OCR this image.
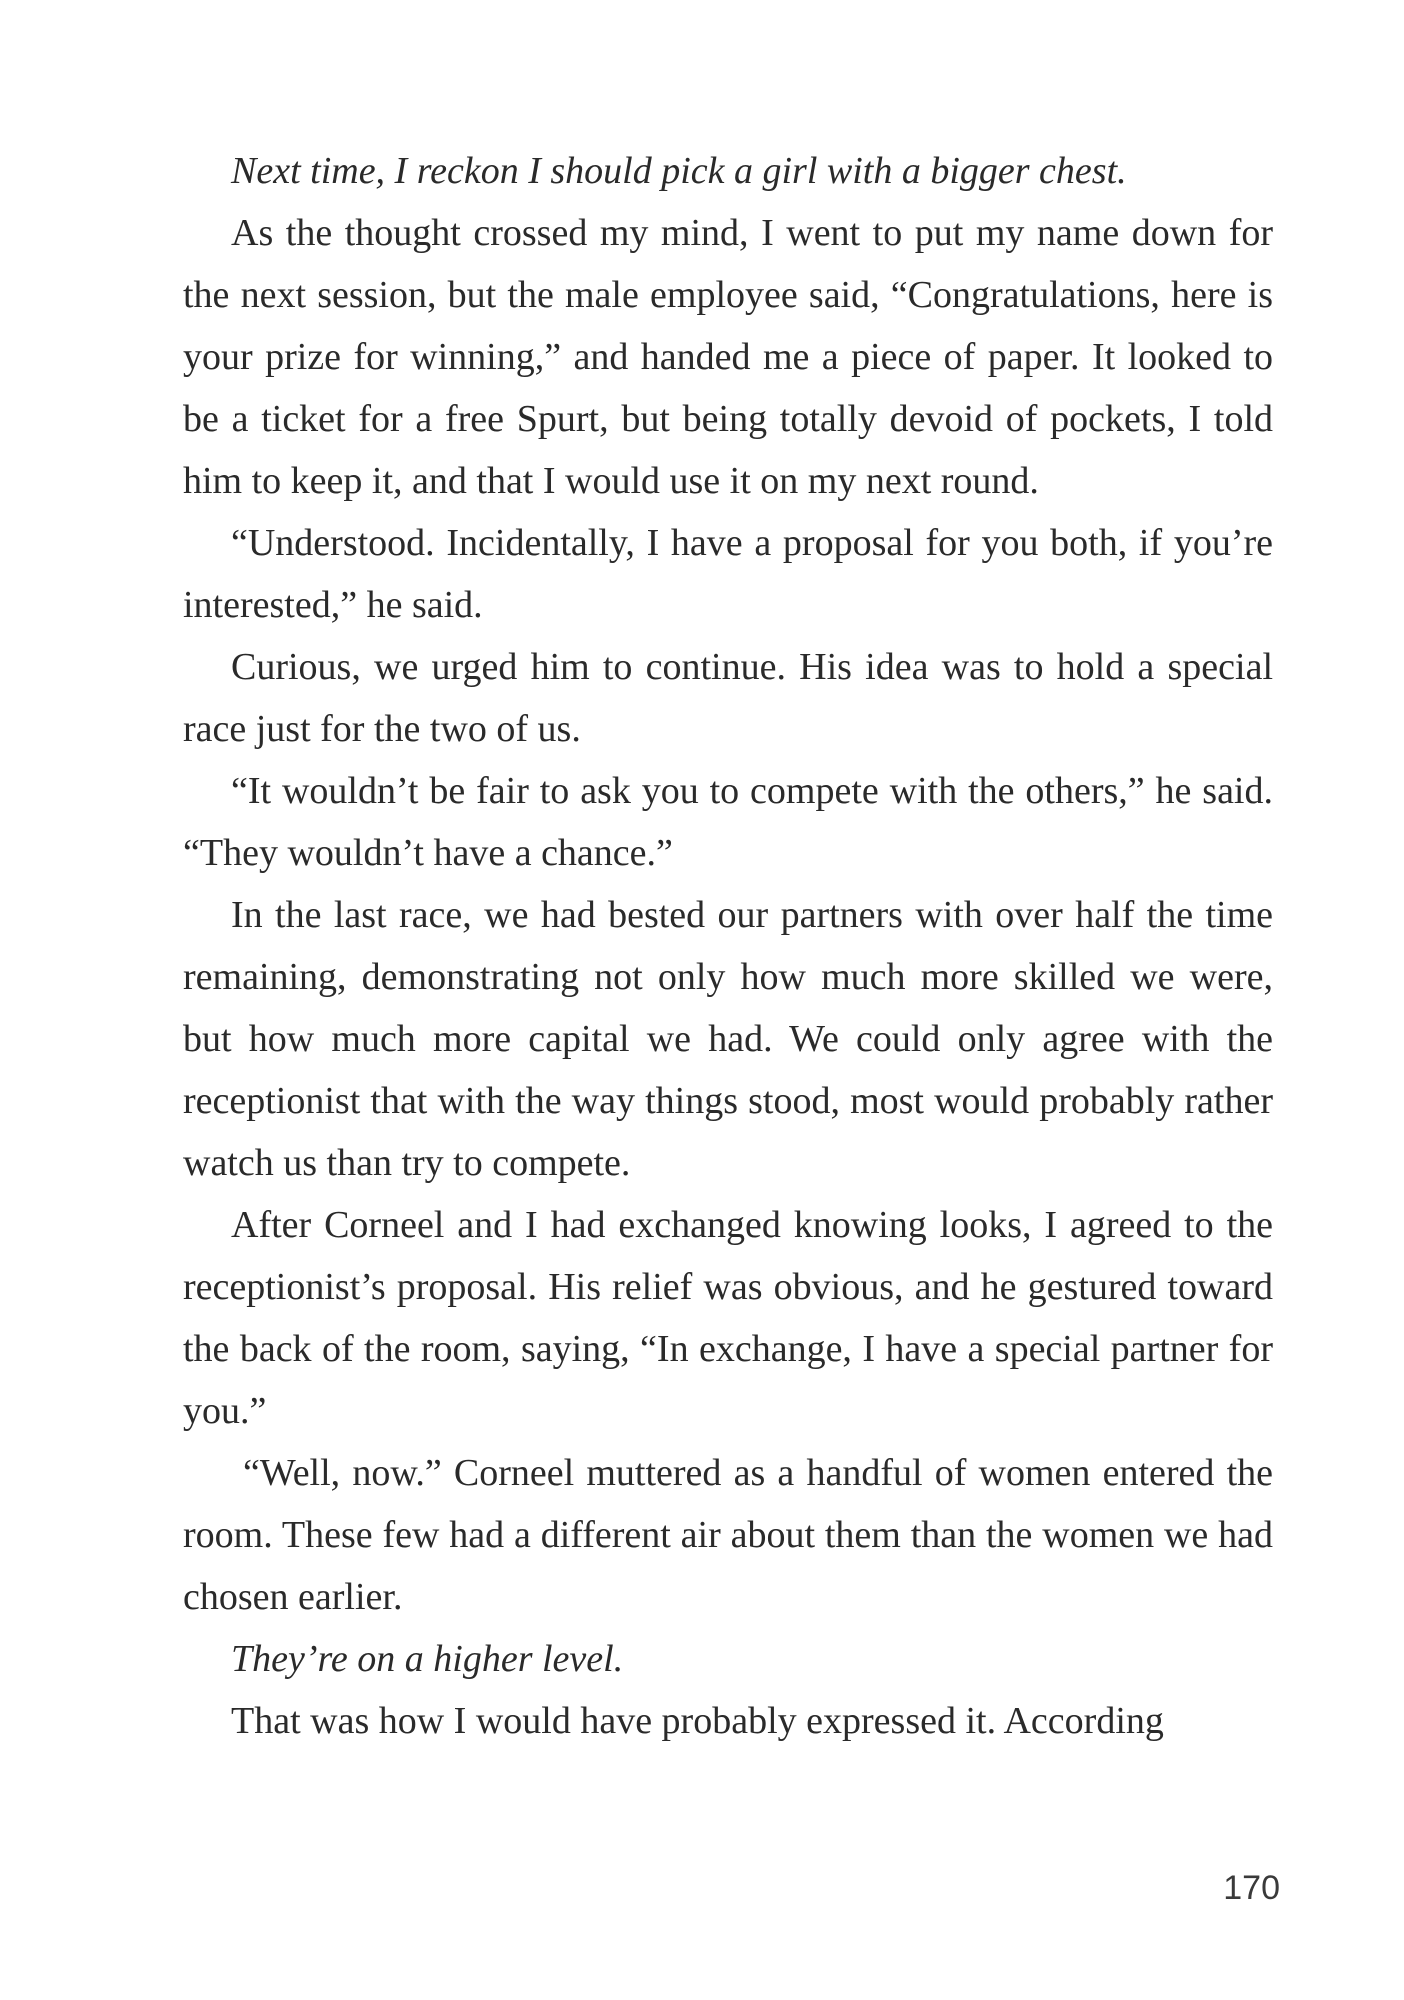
Next time, I reckon I should pick a girl with a bigger chest.

As the thought crossed my mind, I went to put my name down for the next session, but the male employee said, “Congratulations, here is your prize for winning,” and handed me a piece of paper. It looked to be a ticket for a free Spurt, but being totally devoid of pockets, I told him to keep it, and that I would use it on my next round.

“Understood. Incidentally, I have a proposal for you both, if you’re interested,” he said.

Curious, we urged him to continue. His idea was to hold a special race just for the two of us.

“It wouldn’t be fair to ask you to compete with the others,” he said. “They wouldn’t have a chance.”

In the last race, we had bested our partners with over half the time remaining, demonstrating not only how much more skilled we were, but how much more capital we had. We could only agree with the receptionist that with the way things stood, most would probably rather watch us than try to compete.

After Corneel and I had exchanged knowing looks, I agreed to the receptionist’s proposal. His relief was obvious, and he gestured toward the back of the room, saying, “In exchange, I have a special partner for you.”

“Well, now.” Corneel muttered as a handful of women entered the room. These few had a different air about them than the women we had chosen earlier.

They’re on a higher level.

That was how I would have probably expressed it. According

170
